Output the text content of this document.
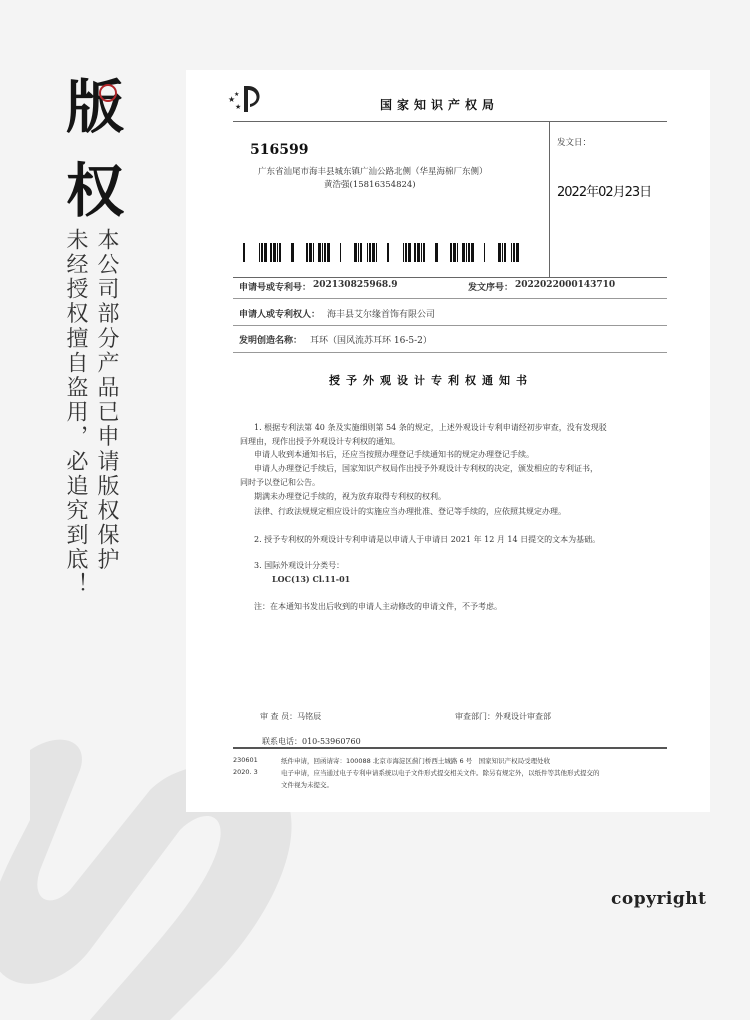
版
权
本公司部分产品已申请版权保护
未经授权擅自盗用，必追究到底！
★
★
★	国家知识产权局
516599
广东省汕尾市海丰县城东镇广汕公路北侧（华星海棉厂东侧）
黄浩强(15816354824)
发文日：
2022年02月23日
申请号或专利号： 202130825968.9	发文序号： 2022022000143710
申请人或专利权人： 海丰县艾尔缘首饰有限公司
发明创造名称： 耳环（国风流苏耳环 16-5-2）
授予外观设计专利权通知书
1. 根据专利法第 40 条及实施细则第 54 条的规定，上述外观设计专利申请经初步审查，没有发现驳
回理由，现作出授予外观设计专利权的通知。
申请人收到本通知书后，还应当按照办理登记手续通知书的规定办理登记手续。
申请人办理登记手续后，国家知识产权局作出授予外观设计专利权的决定，颁发相应的专利证书，
同时予以登记和公告。
期满未办理登记手续的，视为放弃取得专利权的权利。
法律、行政法规规定相应设计的实施应当办理批准、登记等手续的，应依照其规定办理。
2. 授予专利权的外观设计专利申请是以申请人于申请日 2021 年 12 月 14 日提交的文本为基础。
3. 国际外观设计分类号：
LOC(13) Cl.11-01
注：在本通知书发出后收到的申请人主动修改的申请文件，不予考虑。
审 查 员：马铭辰	审查部门：外观设计审查部
联系电话：010-53960760
230601
2020. 3
纸件申请，回函请寄：100088 北京市海淀区蓟门桥西土城路 6 号　国家知识产权局受理处收
电子申请，应当通过电子专利申请系统以电子文件形式提交相关文件。除另有规定外，以纸件等其他形式提交的
文件视为未提交。
copyright
